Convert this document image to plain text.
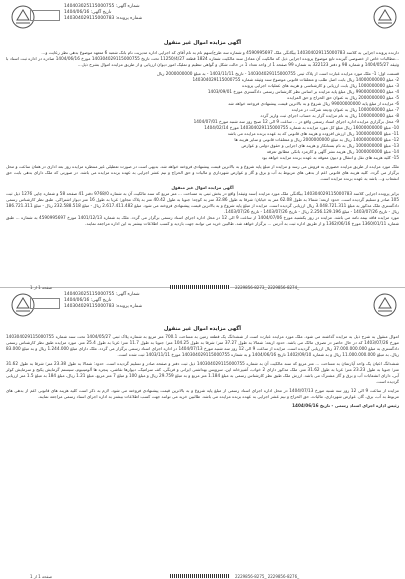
شماره آگهی: 140403025115000755
تاریخ آگهی: 1404/06/16
شماره پرونده: 140304029115000783
آگهی مزایده اموال غیر منقول

دارنده پرونده اجرایی به کلاسه 140304029115000783 بیگانگی ملک 4590995697 و شماره سه طرح/سهم نام به نام آقای که اجرایی اداره مدیریت نام بانک شعبه 6 متعهد موضوع بدهی نظر رعایت و...

...مطالبات خاص از خصوصی گیرنده تابع موضوع پرونده اجرایی ذیل که مالکیت آن معادل سند مالکیت شماره 1824 قطعه 11250/4/27 تحت تاریخ 140304029115000755 مورخ 1404/06/16 صادره در اداره ثبت اسناد با وثیقه 1404/05/27 و شماره 98 و دفتر 322123 به شماره 99 صفحه 1 از واحد تعداد 1 در حالت شکل و گواهی تنظیم و تملیک امور دیوان ارزیابی و از طریق مزایده اموال بشرح ذیل...

قسمت اول: 1- ملک مورد مزایده عبارت است از پلاک ثبتی 140304029115000755 - تاریخ 1403/11/11 - به مبلغ 2000000000 ریال
2- مبلغ 14000000000 ریال بابت اصل طلب و متعلقات قانونی موضوع سند وثیقه شماره 140304029115000755
3- مبلغ 1000000000 ریال بابت ارزیابی و کارشناسی و هزینه های عملیات اجرایی پرونده
4- مبلغ 99000000000 ریال مبلغ پایه مزایده بر اساس نظر کارشناس رسمی دادگستری مورخ 1403/09/01
5- مبلغ 2000000000 ریال به عنوان حق الحراج و حق المزایده
6- مزایده از مبلغ پایه 99000000000 ریال شروع و به بالاترین قیمت پیشنهادی فروخته خواهد شد
7- مبلغ 1000000000 ریال به عنوان ودیعه شرکت در مزایده
8- مبلغ 1000000000 ریال به نام مزایده گزار به حساب اجرای ثبت واریز گردد
9- محل برگزاری مزایده اداره اجرای اسناد رسمی واقع در ... ساعت 9 الی 12 صبح روز سه شنبه مورخ 1404/07/01
10- مبلغ 16000000000 ریال مبلغ کل مورد مزایده به شماره 140304029115000755 مورخ 1404/02/14
11- مبلغ 1000000000 ریال ارزش افزوده و هزینه های قانونی که به عهده برنده مزایده می باشد
12- مبلغ 14000000000 ریال به مبلغ 2000000000 ریال و متعلقات قانونی و سایر هزینه ها
13- مبلغ 1000000000 ریال به نام بستانکار و هزینه های اجرایی و حقوق دولتی و عوارض
14- مبلغ 1000000000 ریال هزینه نشر آگهی و کارمزد بانکی مطابق تعرفه
15- کلیه هزینه های نقل و انتقال و دیون معوقه به عهده برنده مزایده خواهد بود

ملک مورد مزایده از طریق مزایده حضوری به فروش می رسد و مزایده از مبلغ پایه شروع و به بالاترین قیمت پیشنهادی فروخته خواهد شد. بدیهی است در صورت تعطیلی غیر منتظره مزایده روز بعد اداری در همان ساعت و محل برگزار می گردد. کلیه هزینه های قانونی اعم از بدهی های مربوط به آب و برق و گاز و عوارض شهرداری و مالیات و حق الحراج و نیم عشر اجرایی به عهده برنده مزایده می باشد. در صورتی که ملک دارای بدهی بابت حق انشعاب و... باشد به عهده برنده مزایده است.

آگهی مزایده اموال غیر منقول

برابر پرونده اجرایی کلاسه 140304029115000783 بیگانگی ملک مورد مزایده (سند وثیقه) واقع در بخش ثبتی به مساحت ... متر مربع که سند مالکیت آن به شماره 9768/0 دفتر 41 صفحه 58 و شماره چاپی 1276 ذیل ثبت 105 صادر و تسلیم گردیده است. حدود اربعه: شمالا به طول 62.08 متر به خیابان؛ شرقا به طول 32.86 متر به کوچه؛ جنوبا به طول 40.42 متر به پلاک مجاور؛ غربا به طول 16 متر دیوار اشتراکی. طبق نظر کارشناس رسمی دادگستری ملک مذکور به مبلغ 3.048.721.311 ریال ارزیابی گردیده است. مزایده از مبلغ پایه شروع و به بالاترین قیمت پیشنهادی فروخته می شود. مبلغ 2.617.411.482 ریال - مبلغ 232.588.518 ریال - مبلغ 186.721.311 ریال - تاریخ 1403/07/26 - مبلغ 2.256.129.196 ریال - تاریخ 1403/07/26 - تاریخ 1403/07/26.

مورد مزایده فاقد بیمه نامه می باشد. مزایده در روز یکشنبه مورخ 1404/07/06 از ساعت 9 الی 12 در محل اداره اجرای اسناد رسمی برگزار می گردد. ملک به شماره 1401/12/13 مورخ 4590995697 به شماره ... طبق شماره 1360/01/11 مورخ 1362/06/16 و از طریق اداره ثبت به آدرس ... برگزار خواهد شد. طالبین خرید می توانند جهت بازدید و کسب اطلاعات بیشتر به این اداره مراجعه نمایند.

صفحه 1 از 1	2229856-8273_ 2229856-8274_
شماره آگهی: 140403025115000755
تاریخ آگهی: 1404/06/16
شماره پرونده: 140304029115000783
آگهی مزایده اموال غیر منقول

اموال منقول به شرح ذیل به مزایده گذاشته می شود. ملک مورد مزایده عبارت است از ششدانگ یک قطعه زمین به مساحت 700.1 متر مربع به شماره پلاک ثبتی 1404/05/27 تحت سند شماره 140304029115000755 مورخ 1403/07/26 که در حال حاضر در تصرف مالک می باشد. حدود اربعه: شمالا به طول 37.27 متر؛ شرقا به طول 104.25 متر؛ جنوبا به طول 11.7 متر؛ غربا به طول 25.4 متر. مورد مزایده طبق نظر کارشناس رسمی دادگستری به مبلغ 37.000.000.000 ریال ارزیابی گردیده است. مزایده از ساعت 9 الی 12 روز سه شنبه مورخ 1404/07/13 در اداره اجرای اسناد رسمی برگزار می گردد. ملک دارای مبلغ 1.244.000 ریال و به مبلغ 83.000 ریال، به مبلغ 11.000.000.000 ریال و به شماره 1402/09/10 تاریخ 1404/06/16 و به شماره 140304029115000755 مورخ 1403/11/11 ثبت شده است.

ششدانگ اعیان یک واحد آپارتمان به مساحت ... متر مربع که سند مالکیت آن به شماره 140304029115000755 ذیل ثبت دفتر و صفحه صادر و تسلیم گردیده است. حدود: شمالا به طول 23.38 متر؛ شرقا به طول 31.62 متر؛ جنوبا به طول 23.23 متر؛ غربا به طول 31.62 متر. ملک مذکور دارای 2 خواب، آشپزخانه اپن، سرویس بهداشتی ایرانی و فرنگی، کف سرامیک، دیوارها نقاشی، پنجره ها آلومینیوم، سیستم گرمایش پکیج و سرمایش کولر آبی، دارای انشعابات آب و برق و گاز مشترک می باشد. ارزش ملک طبق نظر کارشناس رسمی به مبلغ 1.184 متر مربع و به مبلغ 29.759 ریال و مبلغ 100 و مبلغ 7 متر مربع، مبلغ 1.21 ریال، مبلغ 184 به مبلغ 1.5 متر ارزیابی گردیده است.

مزایده از ساعت 9 الی 12 روز سه شنبه مورخ 1404/07/13 در محل اداره اجرای اسناد رسمی از مبلغ پایه شروع و به بالاترین قیمت پیشنهادی فروخته می شود. لازم به ذکر است کلیه هزینه های قانونی اعم از بدهی های مربوط به آب، برق، گاز، عوارض شهرداری، مالیات، حق الحراج و نیم عشر اجرایی به عهده برنده مزایده می باشد. طالبین خرید می توانند جهت کسب اطلاعات بیشتر به اداره اجرای اسناد رسمی مراجعه نمایند.

رئیس اداره اجرای اسناد رسمی - تاریخ 1404/06/16

صفحه 1 از 1	2229856-8275_ 2229856-8276_
